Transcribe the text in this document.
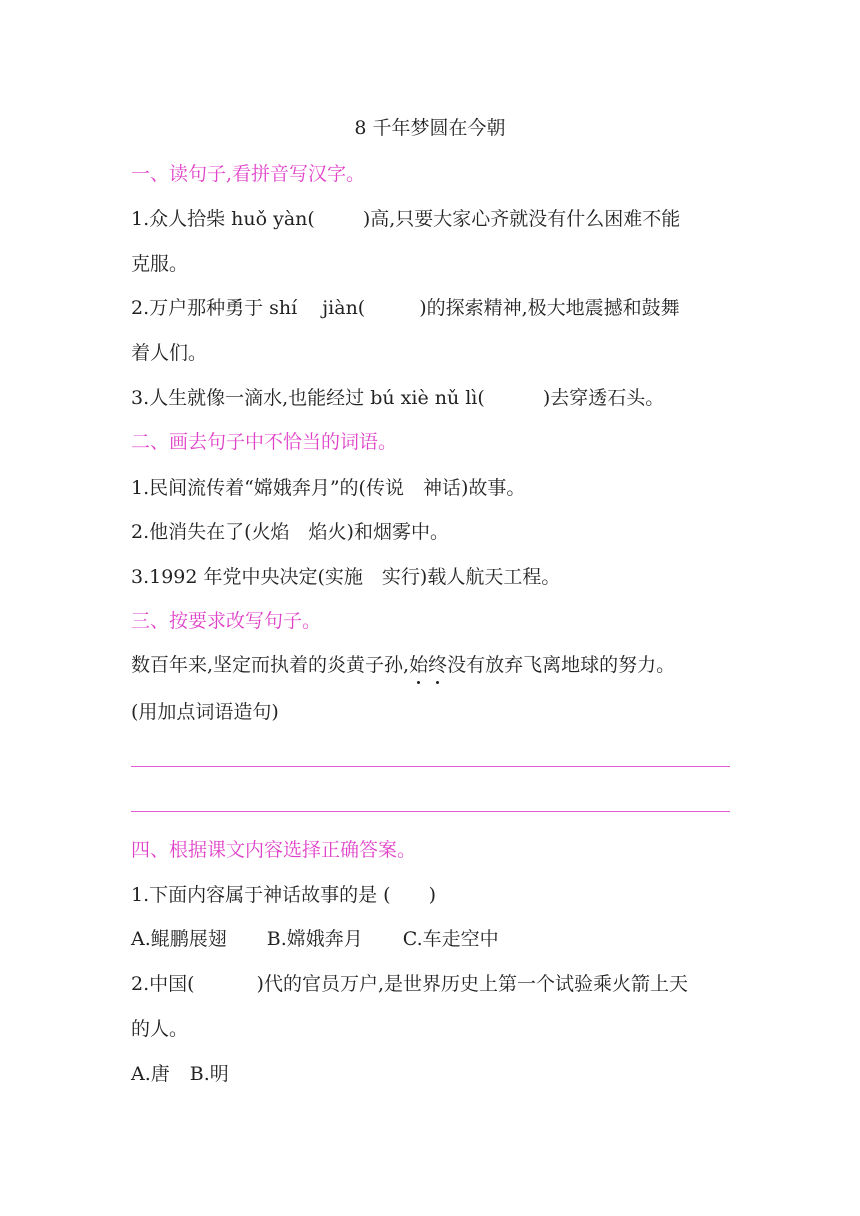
8 千年梦圆在今朝
一、读句子,看拼音写汉字。
1.众人拾柴 huǒ yàn(	)高,只要大家心齐就没有什么困难不能
克服。
2.万户那种勇于 shí　 jiàn(	)的探索精神,极大地震撼和鼓舞
着人们。
3.人生就像一滴水,也能经过 bú xiè nǔ lì(	)去穿透石头。
二、画去句子中不恰当的词语。
1.民间流传着“嫦娥奔月”的(传说　神话)故事。
2.他消失在了(火焰　焰火)和烟雾中。
3.1992 年党中央决定(实施　实行)载人航天工程。
三、按要求改写句子。
数百年来,坚定而执着的炎黄子孙,始终没有放弃飞离地球的努力。
(用加点词语造句)
四、根据课文内容选择正确答案。
1.下面内容属于神话故事的是 (　　)
A.鲲鹏展翅 B.嫦娥奔月 C.车走空中
2.中国(	)代的官员万户,是世界历史上第一个试验乘火箭上天
的人。
A.唐 B.明
